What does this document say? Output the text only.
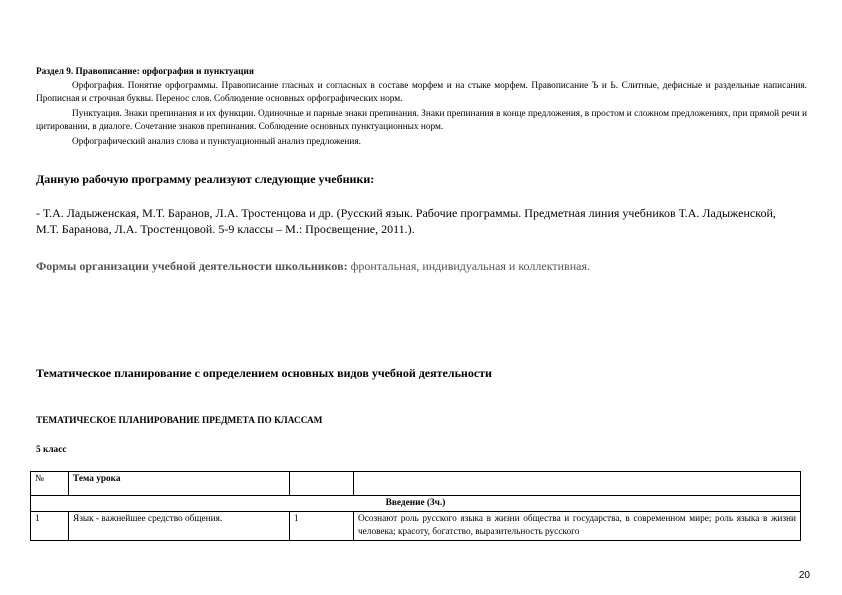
Раздел 9. Правописание: орфография и пунктуация
Орфография. Понятие орфограммы. Правописание гласных и согласных в составе морфем и на стыке морфем. Правописание Ъ и Ь. Слитные, дефисные и раздельные написания. Прописная и строчная буквы. Перенос слов. Соблюдение основных орфографических норм.
Пунктуация. Знаки препинания и их функции. Одиночные и парные знаки препинания. Знаки препинания в конце предложения, в простом и сложном предложениях, при прямой речи и цитировании, в диалоге. Сочетание знаков препинания. Соблюдение основных пунктуационных норм.
Орфографический анализ слова и пунктуационный анализ предложения.
Данную рабочую программу реализуют следующие учебники:
- Т.А. Ладыженская, М.Т. Баранов, Л.А. Тростенцова и др. (Русский язык. Рабочие программы. Предметная линия учебников Т.А. Ладыженской, М.Т. Баранова, Л.А. Тростенцовой. 5-9 классы – М.: Просвещение, 2011.).
Формы организации учебной деятельности школьников: фронтальная, индивидуальная и коллективная.
Тематическое планирование с определением основных видов учебной деятельности
ТЕМАТИЧЕСКОЕ ПЛАНИРОВАНИЕ ПРЕДМЕТА ПО КЛАССАМ
5 класс
№	Тема урока		
Введение (3ч.)			
1	Язык - важнейшее средство общения.	1	Осознают роль русского языка в жизни общества и государства, в современном мире; роль языка в жизни человека; красоту, богатство, выразительность русского
20
